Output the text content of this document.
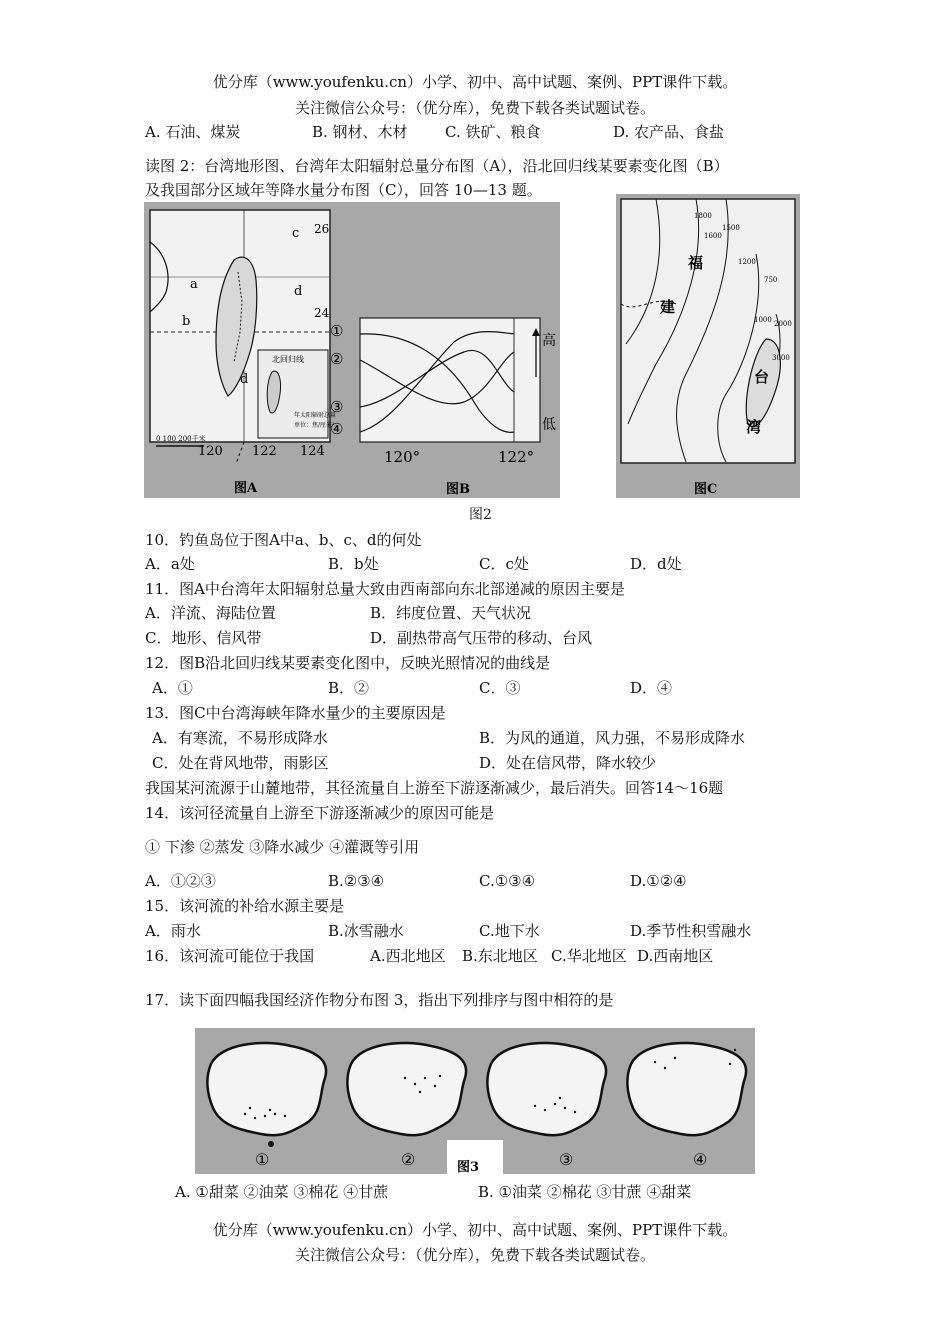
优分库（www.youfenku.cn）小学、初中、高中试题、案例、PPT课件下载。
关注微信公众号：（优分库），免费下载各类试题试卷。
A. 石油、煤炭	B. 钢材、木材 C. 铁矿、粮食	D. 农产品、食盐
读图 2：台湾地形图、台湾年太阳辐射总量分布图（A），沿北回归线某要素变化图（B）
及我国部分区域年等降水量分布图（C），回答 10—13 题。
26
24
c
a
b
d
d
北回归线
年太阳辐射总量
单位：焦/厘米²
0 100 200千米
120 122 124
图A
①
②
③
④
高
低
120°	122°
图B
1800
1600
1500
1200
750
1000 2000
3000
福
建
台
湾
图C
图2
10．钓鱼岛位于图A中a、b、c、d的何处
A．a处	B．b处	C．c处	D．d处
11．图A中台湾年太阳辐射总量大致由西南部向东北部递减的原因主要是
A．洋流、海陆位置	B．纬度位置、天气状况
C．地形、信风带	D．副热带高气压带的移动、台风
12．图B沿北回归线某要素变化图中，反映光照情况的曲线是
A．①	B．②	C．③	D．④
13．图C中台湾海峡年降水量少的主要原因是
A．有寒流，不易形成降水	B．为风的通道，风力强，不易形成降水
C．处在背风地带，雨影区	D．处在信风带，降水较少
我国某河流源于山麓地带，其径流量自上游至下游逐渐减少，最后消失。回答14～16题
14．该河径流量自上游至下游逐渐减少的原因可能是
① 下渗 ②蒸发 ③降水减少 ④灌溉等引用
A．①②③	B.②③④	C.①③④	D.①②④
15．该河流的补给水源主要是
A．雨水	B.冰雪融水	C.地下水	D.季节性积雪融水
16．该河流可能位于我国	A.西北地区 B.东北地区 C.华北地区 D.西南地区
17．读下面四幅我国经济作物分布图 3，指出下列排序与图中相符的是
①	②	图3	③	④
A. ①甜菜 ②油菜 ③棉花 ④甘蔗	B. ①油菜 ②棉花 ③甘蔗 ④甜菜
优分库（www.youfenku.cn）小学、初中、高中试题、案例、PPT课件下载。
关注微信公众号：（优分库），免费下载各类试题试卷。
